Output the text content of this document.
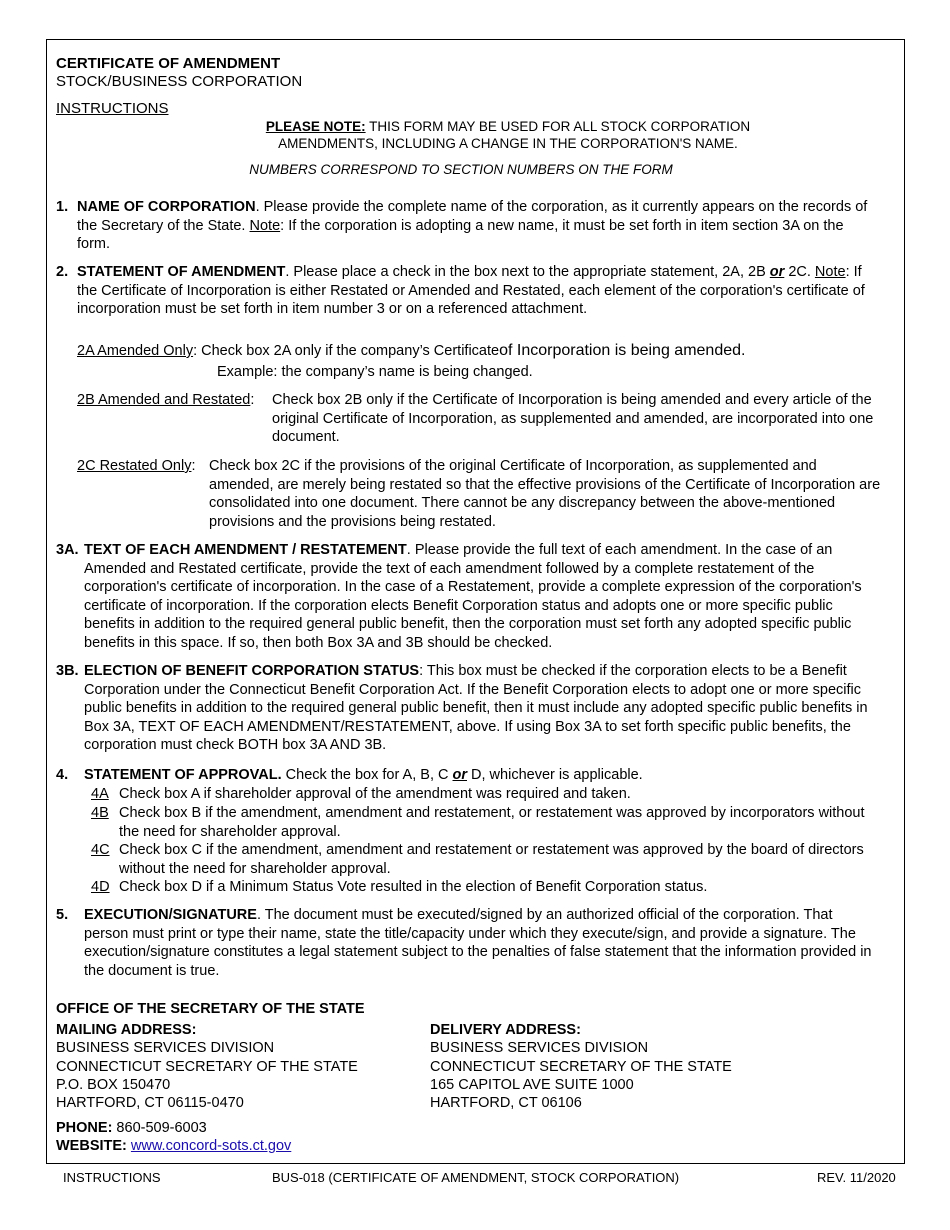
CERTIFICATE OF AMENDMENT
STOCK/BUSINESS CORPORATION
INSTRUCTIONS
PLEASE NOTE: THIS FORM MAY BE USED FOR ALL STOCK CORPORATION
AMENDMENTS, INCLUDING A CHANGE IN THE CORPORATION'S NAME.
NUMBERS CORRESPOND TO SECTION NUMBERS ON THE FORM
1. NAME OF CORPORATION. Please provide the complete name of the corporation, as it currently appears on the records of the Secretary of the State. Note: If the corporation is adopting a new name, it must be set forth in item section 3A on the form.
2. STATEMENT OF AMENDMENT. Please place a check in the box next to the appropriate statement, 2A, 2B or 2C. Note: If the Certificate of Incorporation is either Restated or Amended and Restated, each element of the corporation's certificate of incorporation must be set forth in item number 3 or on a referenced attachment.
2A Amended Only: Check box 2A only if the company’s Certificateof Incorporation is being amended.
Example: the company’s name is being changed.
2B Amended and Restated: Check box 2B only if the Certificate of Incorporation is being amended and every article of the original Certificate of Incorporation, as supplemented and amended, are incorporated into one document.
2C Restated Only: Check box 2C if the provisions of the original Certificate of Incorporation, as supplemented and amended, are merely being restated so that the effective provisions of the Certificate of Incorporation are consolidated into one document. There cannot be any discrepancy between the above-mentioned provisions and the provisions being restated.
3A. TEXT OF EACH AMENDMENT / RESTATEMENT. Please provide the full text of each amendment. In the case of an Amended and Restated certificate, provide the text of each amendment followed by a complete restatement of the corporation's certificate of incorporation. In the case of a Restatement, provide a complete expression of the corporation's certificate of incorporation. If the corporation elects Benefit Corporation status and adopts one or more specific public benefits in addition to the required general public benefit, then the corporation must set forth any adopted specific public benefits in this space. If so, then both Box 3A and 3B should be checked.
3B. ELECTION OF BENEFIT CORPORATION STATUS: This box must be checked if the corporation elects to be a Benefit Corporation under the Connecticut Benefit Corporation Act. If the Benefit Corporation elects to adopt one or more specific public benefits in addition to the required general public benefit, then it must include any adopted specific public benefits in Box 3A, TEXT OF EACH AMENDMENT/RESTATEMENT, above. If using Box 3A to set forth specific public benefits, the corporation must check BOTH box 3A AND 3B.
4. STATEMENT OF APPROVAL. Check the box for A, B, C or D, whichever is applicable.
4A Check box A if shareholder approval of the amendment was required and taken.
4B Check box B if the amendment, amendment and restatement, or restatement was approved by incorporators without the need for shareholder approval.
4C Check box C if the amendment, amendment and restatement or restatement was approved by the board of directors without the need for shareholder approval.
4D Check box D if a Minimum Status Vote resulted in the election of Benefit Corporation status.
5. EXECUTION/SIGNATURE. The document must be executed/signed by an authorized official of the corporation. That person must print or type their name, state the title/capacity under which they execute/sign, and provide a signature. The execution/signature constitutes a legal statement subject to the penalties of false statement that the information provided in the document is true.
OFFICE OF THE SECRETARY OF THE STATE
MAILING ADDRESS:
BUSINESS SERVICES DIVISION
CONNECTICUT SECRETARY OF THE STATE
P.O. BOX 150470
HARTFORD, CT 06115-0470
DELIVERY ADDRESS:
BUSINESS SERVICES DIVISION
CONNECTICUT SECRETARY OF THE STATE
165 CAPITOL AVE SUITE 1000
HARTFORD, CT 06106
PHONE: 860-509-6003
WEBSITE: www.concord-sots.ct.gov
INSTRUCTIONS	BUS-018 (CERTIFICATE OF AMENDMENT, STOCK CORPORATION)	REV. 11/2020
